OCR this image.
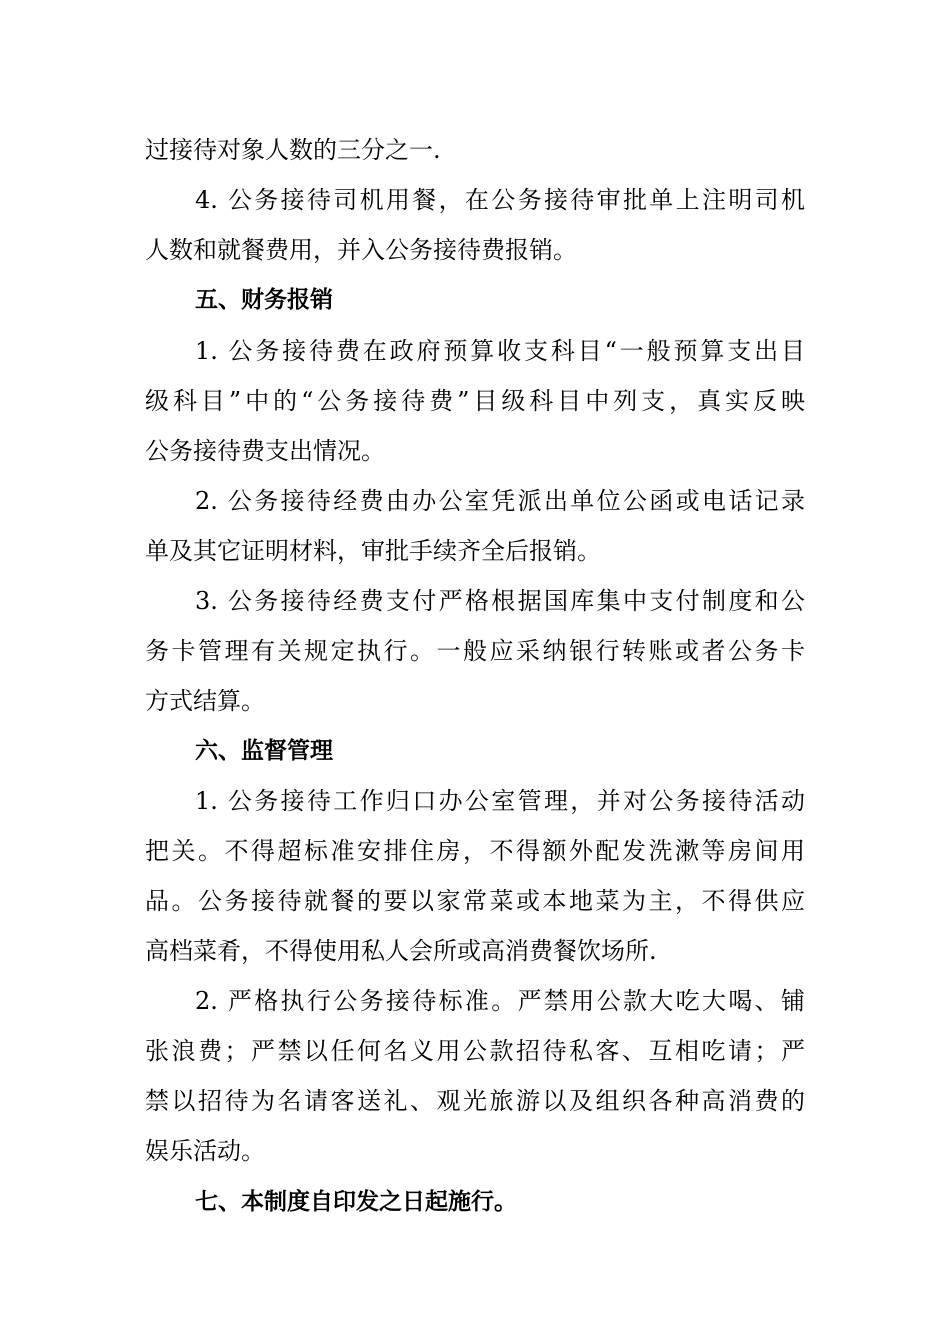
过接待对象人数的三分之一.
4. 公务接待司机用餐，在公务接待审批单上注明司机
人数和就餐费用，并入公务接待费报销。
五、财务报销
1. 公务接待费在政府预算收支科目“一般预算支出目
级科目”中的“公务接待费”目级科目中列支，真实反映
公务接待费支出情况。
2. 公务接待经费由办公室凭派出单位公函或电话记录
单及其它证明材料，审批手续齐全后报销。
3. 公务接待经费支付严格根据国库集中支付制度和公
务卡管理有关规定执行。一般应采纳银行转账或者公务卡
方式结算。
六、监督管理
1. 公务接待工作归口办公室管理，并对公务接待活动
把关。不得超标准安排住房，不得额外配发洗漱等房间用
品。公务接待就餐的要以家常菜或本地菜为主，不得供应
高档菜肴，不得使用私人会所或高消费餐饮场所.
2. 严格执行公务接待标准。严禁用公款大吃大喝、铺
张浪费；严禁以任何名义用公款招待私客、互相吃请；严
禁以招待为名请客送礼、观光旅游以及组织各种高消费的
娱乐活动。
七、本制度自印发之日起施行。
